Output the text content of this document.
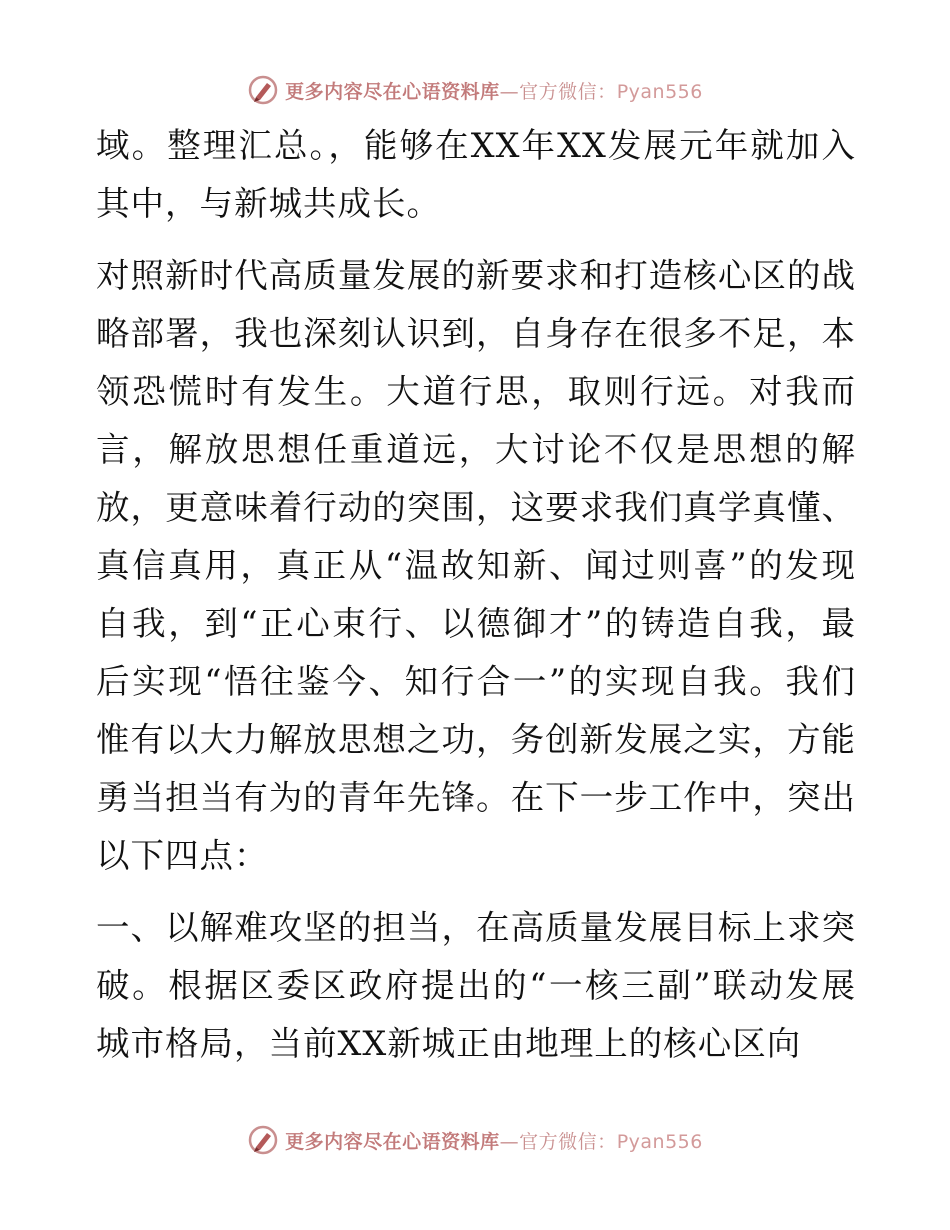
更多内容尽在心语资料库—官方微信：Pyan556

域。整理汇总。，能够在XX年XX发展元年就加入其中，与新城共成长。

对照新时代高质量发展的新要求和打造核心区的战略部署，我也深刻认识到，自身存在很多不足，本领恐慌时有发生。大道行思，取则行远。对我而言，解放思想任重道远，大讨论不仅是思想的解放，更意味着行动的突围，这要求我们真学真懂、真信真用，真正从“温故知新、闻过则喜”的发现自我，到“正心束行、以德御才”的铸造自我，最后实现“悟往鉴今、知行合一”的实现自我。我们惟有以大力解放思想之功，务创新发展之实，方能勇当担当有为的青年先锋。在下一步工作中，突出以下四点：

一、以解难攻坚的担当，在高质量发展目标上求突破。根据区委区政府提出的“一核三副”联动发展城市格局，当前XX新城正由地理上的核心区向

更多内容尽在心语资料库—官方微信：Pyan556
